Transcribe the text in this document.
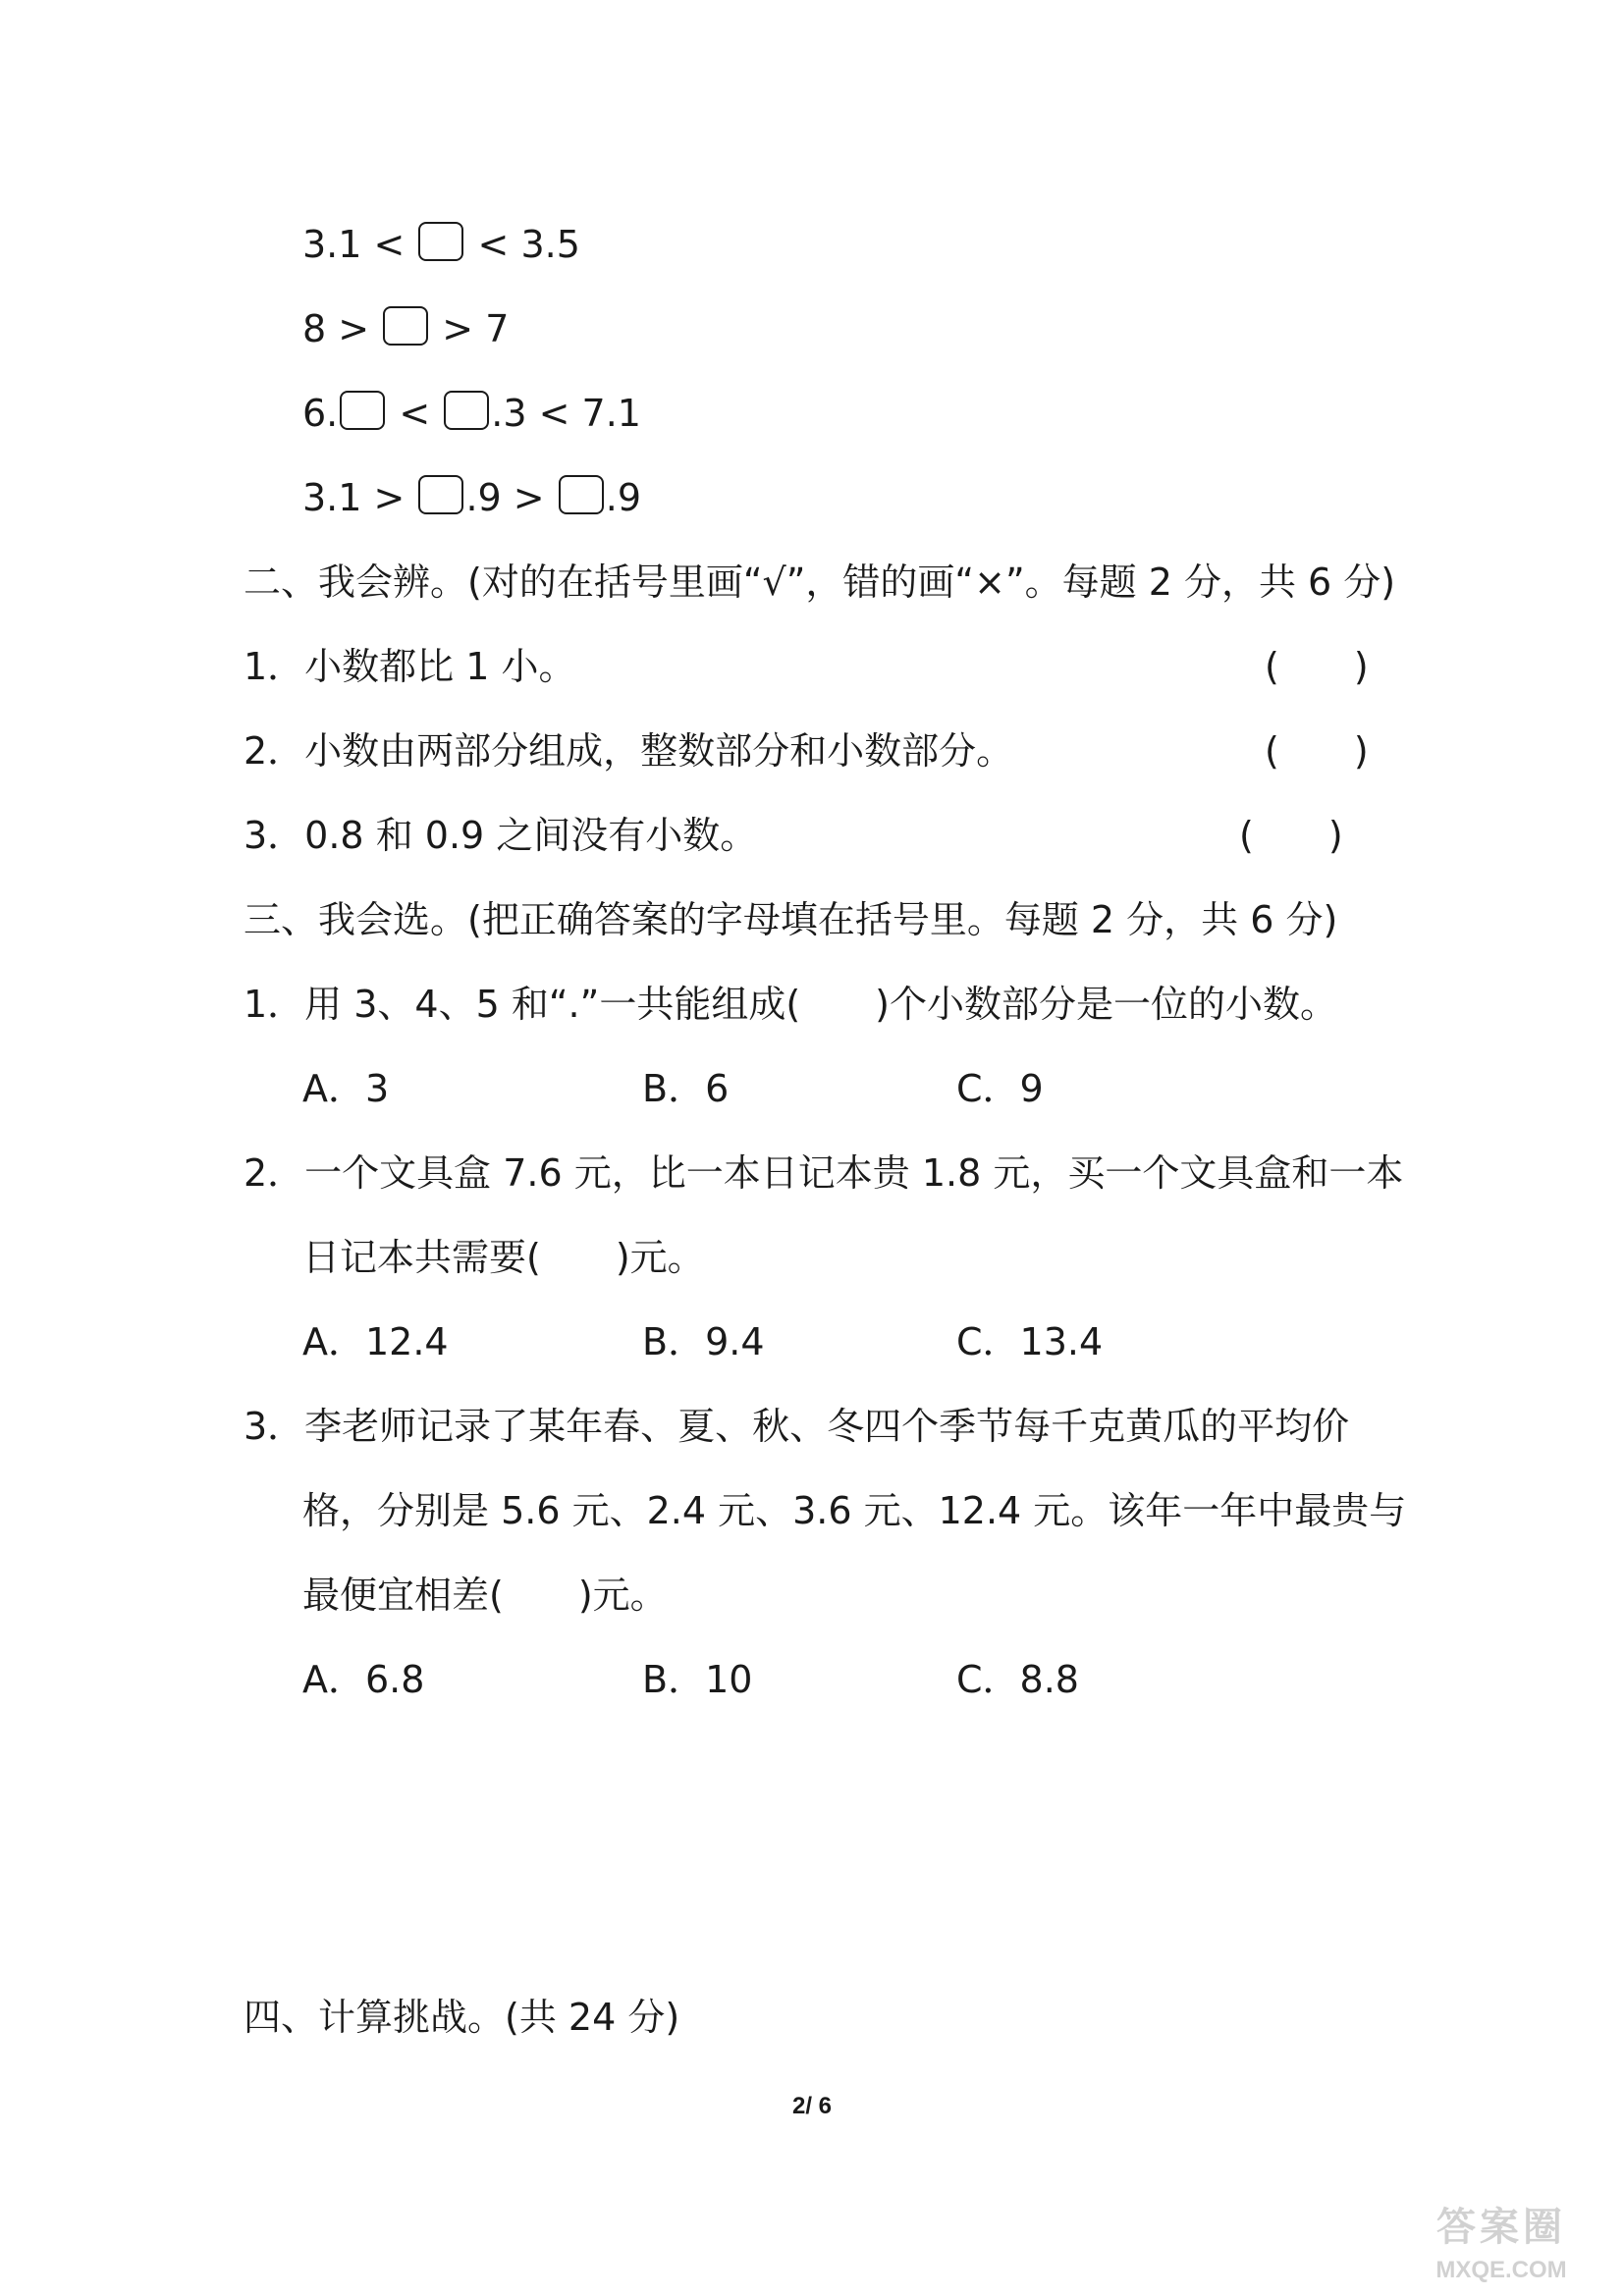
3.1 < < 3.5
8 > > 7
6. < .3 < 7.1
3.1 > .9 > .9
二、我会辨。(对的在括号里画“√”，错的画“×”。每题 2 分，共 6 分)
1．小数都比 1 小。	(　　)
2．小数由两部分组成，整数部分和小数部分。	(　　)
3．0.8 和 0.9 之间没有小数。	(　　)
三、我会选。(把正确答案的字母填在括号里。每题 2 分，共 6 分)
1．用 3、4、5 和“.”一共能组成(　　)个小数部分是一位的小数。
A．3	B．6	C．9
2．一个文具盒 7.6 元，比一本日记本贵 1.8 元，买一个文具盒和一本
日记本共需要(　　)元。
A．12.4	B．9.4	C．13.4
3．李老师记录了某年春、夏、秋、冬四个季节每千克黄瓜的平均价
格，分别是 5.6 元、2.4 元、3.6 元、12.4 元。该年一年中最贵与
最便宜相差(　　)元。
A．6.8	B．10	C．8.8
四、计算挑战。(共 24 分)
2/ 6
答案圈
MXQE.COM
